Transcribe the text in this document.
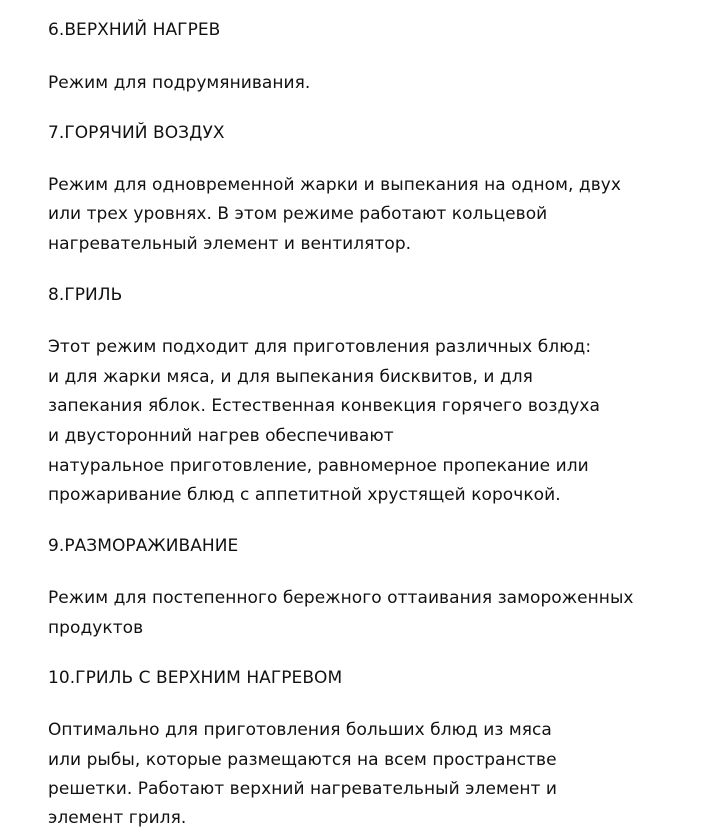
6.ВЕРХНИЙ НАГРЕВ
Режим для подрумянивания.
7.ГОРЯЧИЙ ВОЗДУХ
Режим для одновременной жарки и выпекания на одном, двух
или трех уровнях. В этом режиме работают кольцевой
нагревательный элемент и вентилятор.
8.ГРИЛЬ
Этот режим подходит для приготовления различных блюд:
и для жарки мяса, и для выпекания бисквитов, и для
запекания яблок. Естественная конвекция горячего воздуха
и двусторонний нагрев обеспечивают
натуральное приготовление, равномерное пропекание или
прожаривание блюд с аппетитной хрустящей корочкой.
9.РАЗМОРАЖИВАНИЕ
Режим для постепенного бережного оттаивания замороженных
продуктов
10.ГРИЛЬ С ВЕРХНИМ НАГРЕВОМ
Оптимально для приготовления больших блюд из мяса
или рыбы, которые размещаются на всем пространстве
решетки. Работают верхний нагревательный элемент и
элемент гриля.
